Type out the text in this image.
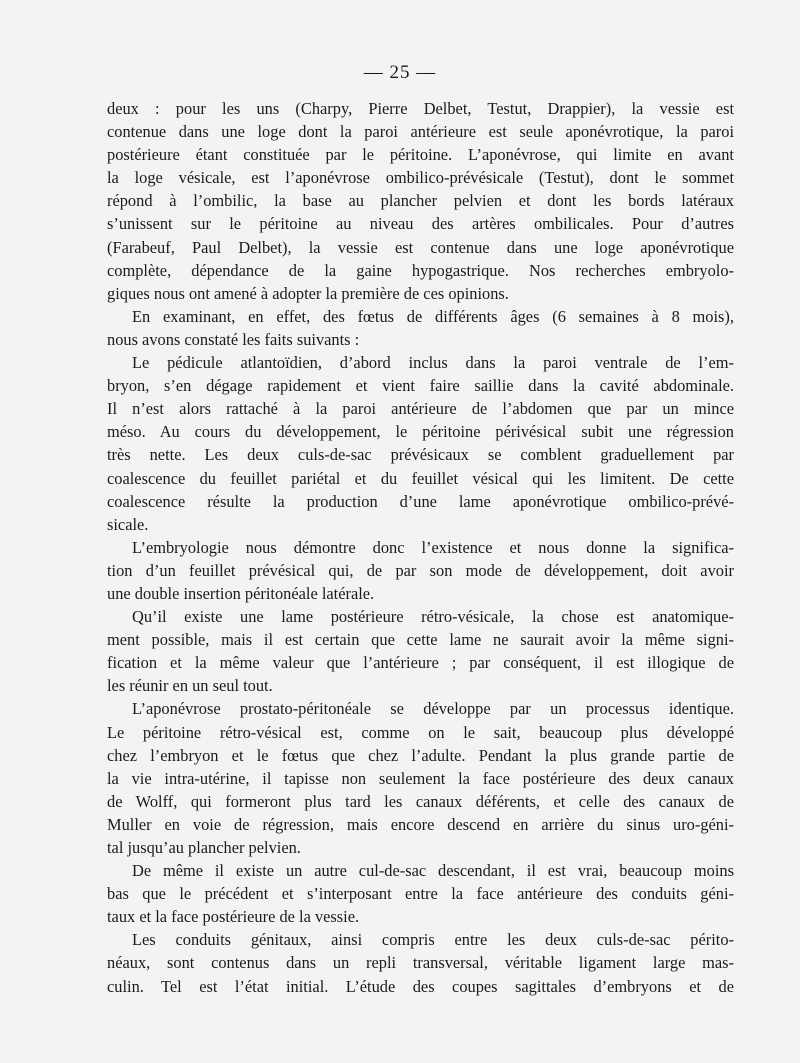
— 25 —
deux : pour les uns (Charpy, Pierre Delbet, Testut, Drappier), la vessie est
contenue dans une loge dont la paroi antérieure est seule aponévrotique, la paroi
postérieure étant constituée par le péritoine. L’aponévrose, qui limite en avant
la loge vésicale, est l’aponévrose ombilico-prévésicale (Testut), dont le sommet
répond à l’ombilic, la base au plancher pelvien et dont les bords latéraux
s’unissent sur le péritoine au niveau des artères ombilicales. Pour d’autres
(Farabeuf, Paul Delbet), la vessie est contenue dans une loge aponévrotique
complète, dépendance de la gaine hypogastrique. Nos recherches embryolo-
giques nous ont amené à adopter la première de ces opinions.
En examinant, en effet, des fœtus de différents âges (6 semaines à 8 mois),
nous avons constaté les faits suivants :
Le pédicule atlantoïdien, d’abord inclus dans la paroi ventrale de l’em-
bryon, s’en dégage rapidement et vient faire saillie dans la cavité abdominale.
Il n’est alors rattaché à la paroi antérieure de l’abdomen que par un mince
méso. Au cours du développement, le péritoine périvésical subit une régression
très nette. Les deux culs-de-sac prévésicaux se comblent graduellement par
coalescence du feuillet pariétal et du feuillet vésical qui les limitent. De cette
coalescence résulte la production d’une lame aponévrotique ombilico-prévé-
sicale.
L’embryologie nous démontre donc l’existence et nous donne la significa-
tion d’un feuillet prévésical qui, de par son mode de développement, doit avoir
une double insertion péritonéale latérale.
Qu’il existe une lame postérieure rétro-vésicale, la chose est anatomique-
ment possible, mais il est certain que cette lame ne saurait avoir la même signi-
fication et la même valeur que l’antérieure ; par conséquent, il est illogique de
les réunir en un seul tout.
L’aponévrose prostato-péritonéale se développe par un processus identique.
Le péritoine rétro-vésical est, comme on le sait, beaucoup plus développé
chez l’embryon et le fœtus que chez l’adulte. Pendant la plus grande partie de
la vie intra-utérine, il tapisse non seulement la face postérieure des deux canaux
de Wolff, qui formeront plus tard les canaux déférents, et celle des canaux de
Muller en voie de régression, mais encore descend en arrière du sinus uro-géni-
tal jusqu’au plancher pelvien.
De même il existe un autre cul-de-sac descendant, il est vrai, beaucoup moins
bas que le précédent et s’interposant entre la face antérieure des conduits géni-
taux et la face postérieure de la vessie.
Les conduits génitaux, ainsi compris entre les deux culs-de-sac périto-
néaux, sont contenus dans un repli transversal, véritable ligament large mas-
culin. Tel est l’état initial. L’étude des coupes sagittales d’embryons et de
